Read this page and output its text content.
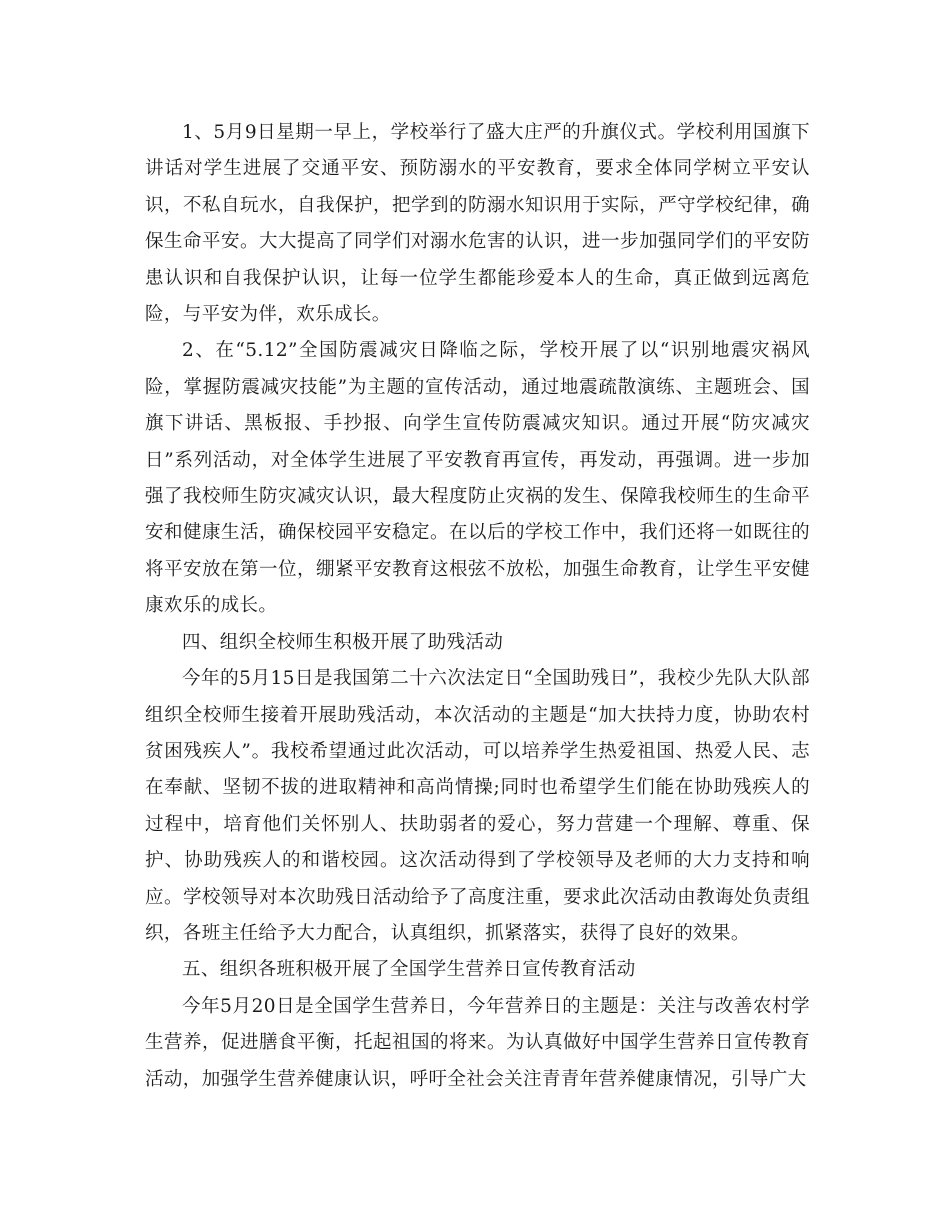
1、5月9日星期一早上，学校举行了盛大庄严的升旗仪式。学校利用国旗下讲话对学生进展了交通平安、预防溺水的平安教育，要求全体同学树立平安认识，不私自玩水，自我保护，把学到的防溺水知识用于实际，严守学校纪律，确保生命平安。大大提高了同学们对溺水危害的认识，进一步加强同学们的平安防患认识和自我保护认识，让每一位学生都能珍爱本人的生命，真正做到远离危险，与平安为伴，欢乐成长。

2、在“5.12”全国防震减灾日降临之际，学校开展了以“识别地震灾祸风险，掌握防震减灾技能”为主题的宣传活动，通过地震疏散演练、主题班会、国旗下讲话、黑板报、手抄报、向学生宣传防震减灾知识。通过开展“防灾减灾日”系列活动，对全体学生进展了平安教育再宣传，再发动，再强调。进一步加强了我校师生防灾减灾认识，最大程度防止灾祸的发生、保障我校师生的生命平安和健康生活，确保校园平安稳定。在以后的学校工作中，我们还将一如既往的将平安放在第一位，绷紧平安教育这根弦不放松，加强生命教育，让学生平安健康欢乐的成长。

四、组织全校师生积极开展了助残活动

今年的5月15日是我国第二十六次法定日“全国助残日”，我校少先队大队部组织全校师生接着开展助残活动，本次活动的主题是“加大扶持力度，协助农村贫困残疾人”。我校希望通过此次活动，可以培养学生热爱祖国、热爱人民、志在奉献、坚韧不拔的进取精神和高尚情操;同时也希望学生们能在协助残疾人的过程中，培育他们关怀别人、扶助弱者的爱心，努力营建一个理解、尊重、保护、协助残疾人的和谐校园。这次活动得到了学校领导及老师的大力支持和响应。学校领导对本次助残日活动给予了高度注重，要求此次活动由教诲处负责组织，各班主任给予大力配合，认真组织，抓紧落实，获得了良好的效果。

五、组织各班积极开展了全国学生营养日宣传教育活动

今年5月20日是全国学生营养日，今年营养日的主题是：关注与改善农村学生营养，促进膳食平衡，托起祖国的将来。为认真做好中国学生营养日宣传教育活动，加强学生营养健康认识，呼吁全社会关注青青年营养健康情况，引导广大
